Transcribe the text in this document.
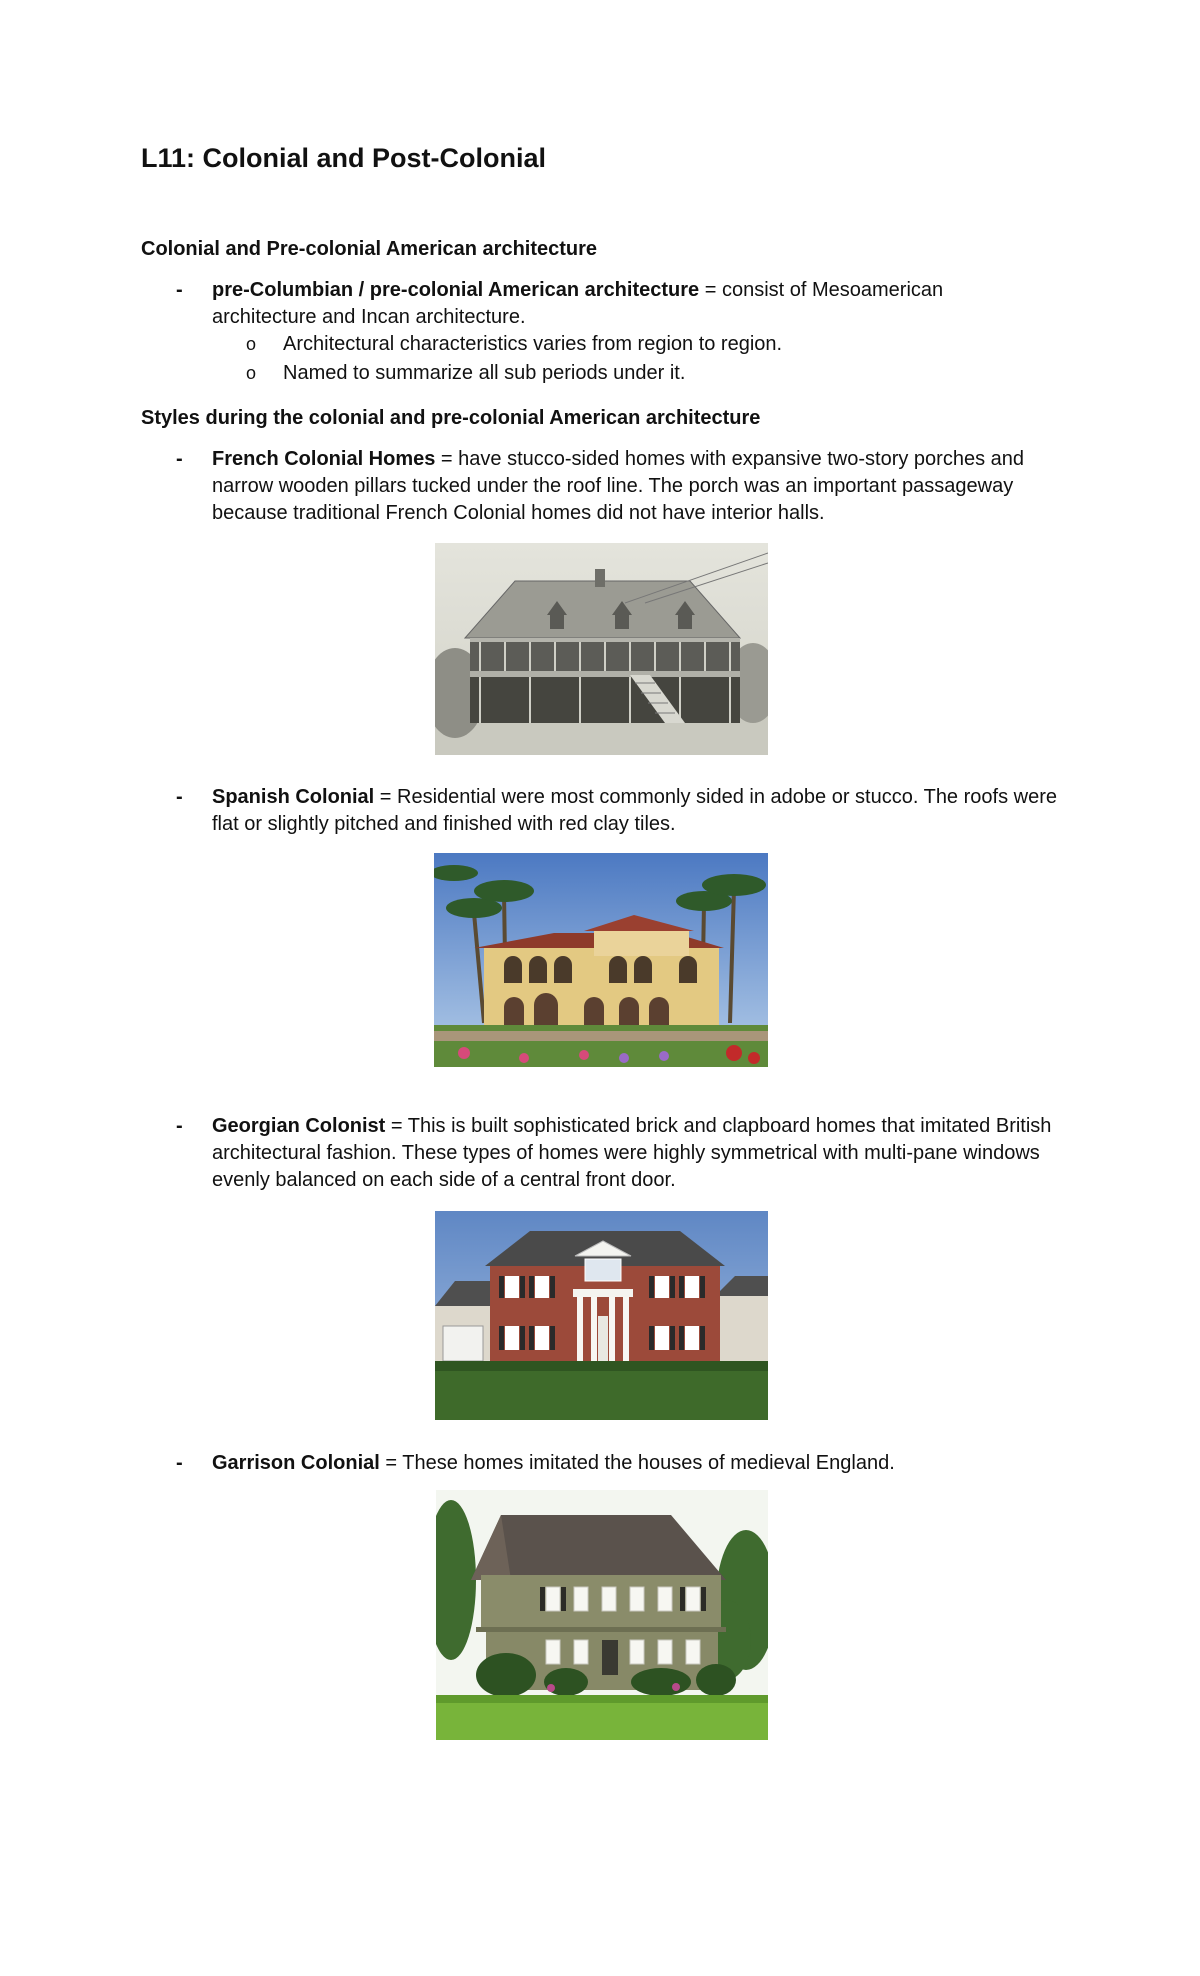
L11: Colonial and Post-Colonial
Colonial and Pre-colonial American architecture
- pre-Columbian / pre-colonial American architecture = consist of Mesoamerican
architecture and Incan architecture.

o Architectural characteristics varies from region to region.
o Named to summarize all sub periods under it.
Styles during the colonial and pre-colonial American architecture
- French Colonial Homes = have stucco-sided homes with expansive two-story porches and narrow wooden pillars tucked under the roof line. The porch was an important passageway because traditional French Colonial homes did not have interior halls.

- Spanish Colonial = Residential were most commonly sided in adobe or stucco. The roofs were flat or slightly pitched and finished with red clay tiles.

- Georgian Colonist = This is built sophisticated brick and clapboard homes that imitated British architectural fashion. These types of homes were highly symmetrical with multi-pane windows evenly balanced on each side of a central front door.

- Garrison Colonial = These homes imitated the houses of medieval England.
